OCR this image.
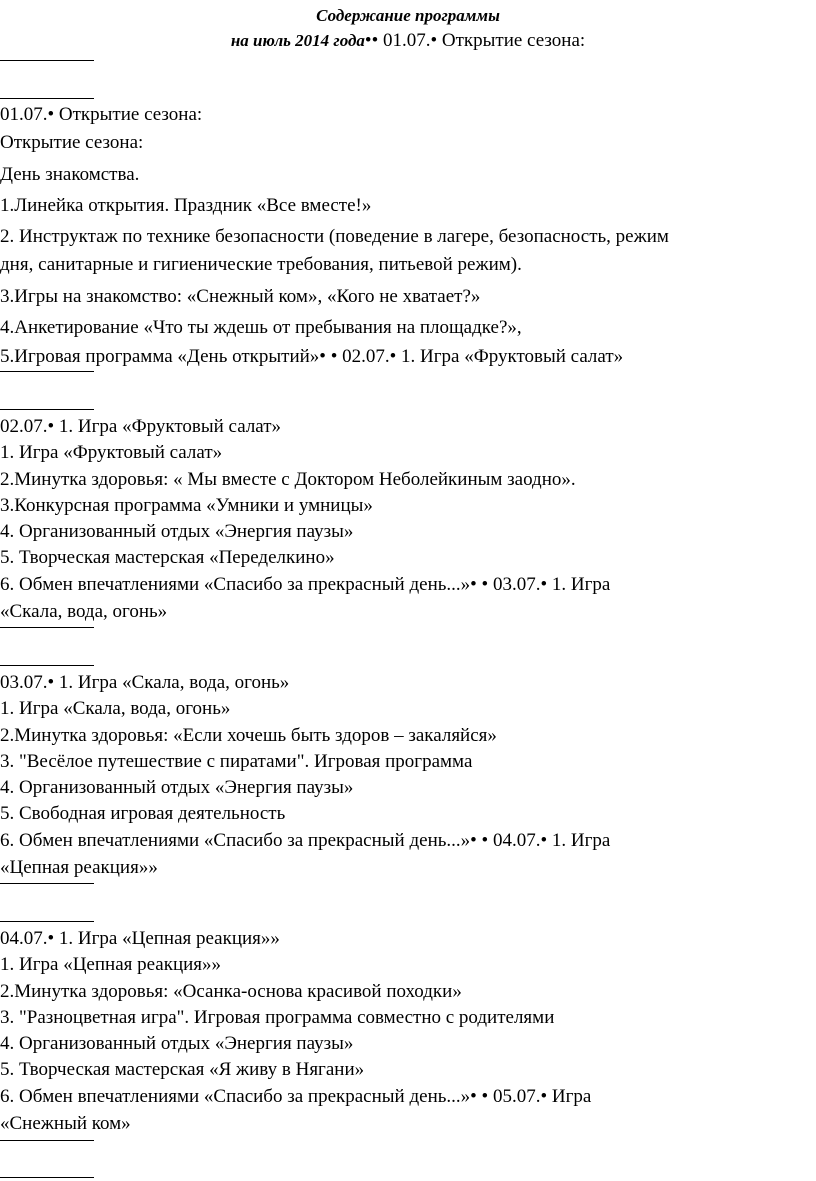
Содержание программы
на июль 2014 года•• 01.07.• Открытие сезона:
01.07.• Открытие сезона:
Открытие сезона:
День знакомства.
1.Линейка открытия. Праздник «Все вместе!»
2. Инструктаж по технике безопасности (поведение в лагере, безопасность, режим
дня, санитарные и гигиенические требования, питьевой режим).
3.Игры на знакомство: «Снежный ком», «Кого не хватает?»
4.Анкетирование «Что ты ждешь от пребывания на площадке?»,
5.Игровая программа «День открытий»• • 02.07.• 1. Игра «Фруктовый салат»
02.07.• 1. Игра «Фруктовый салат»
1. Игра «Фруктовый салат»
2.Минутка здоровья: « Мы вместе с Доктором Неболейкиным заодно».
3.Конкурсная программа «Умники и умницы»
4. Организованный отдых «Энергия паузы»
5. Творческая мастерская «Переделкино»
6. Обмен впечатлениями «Спасибо за прекрасный день...»• • 03.07.• 1. Игра
«Скала, вода, огонь»
03.07.• 1. Игра «Скала, вода, огонь»
1. Игра «Скала, вода, огонь»
2.Минутка здоровья: «Если хочешь быть здоров – закаляйся»
3. "Весёлое путешествие с пиратами". Игровая программа
4. Организованный отдых «Энергия паузы»
5. Свободная игровая деятельность
6. Обмен впечатлениями «Спасибо за прекрасный день...»• • 04.07.• 1. Игра
«Цепная реакция»»
04.07.• 1. Игра «Цепная реакция»»
1. Игра «Цепная реакция»»
2.Минутка здоровья: «Осанка-основа красивой походки»
3. "Разноцветная игра". Игровая программа совместно с родителями
4. Организованный отдых «Энергия паузы»
5. Творческая мастерская «Я живу в Нягани»
6. Обмен впечатлениями «Спасибо за прекрасный день...»• • 05.07.• Игра
«Снежный ком»
